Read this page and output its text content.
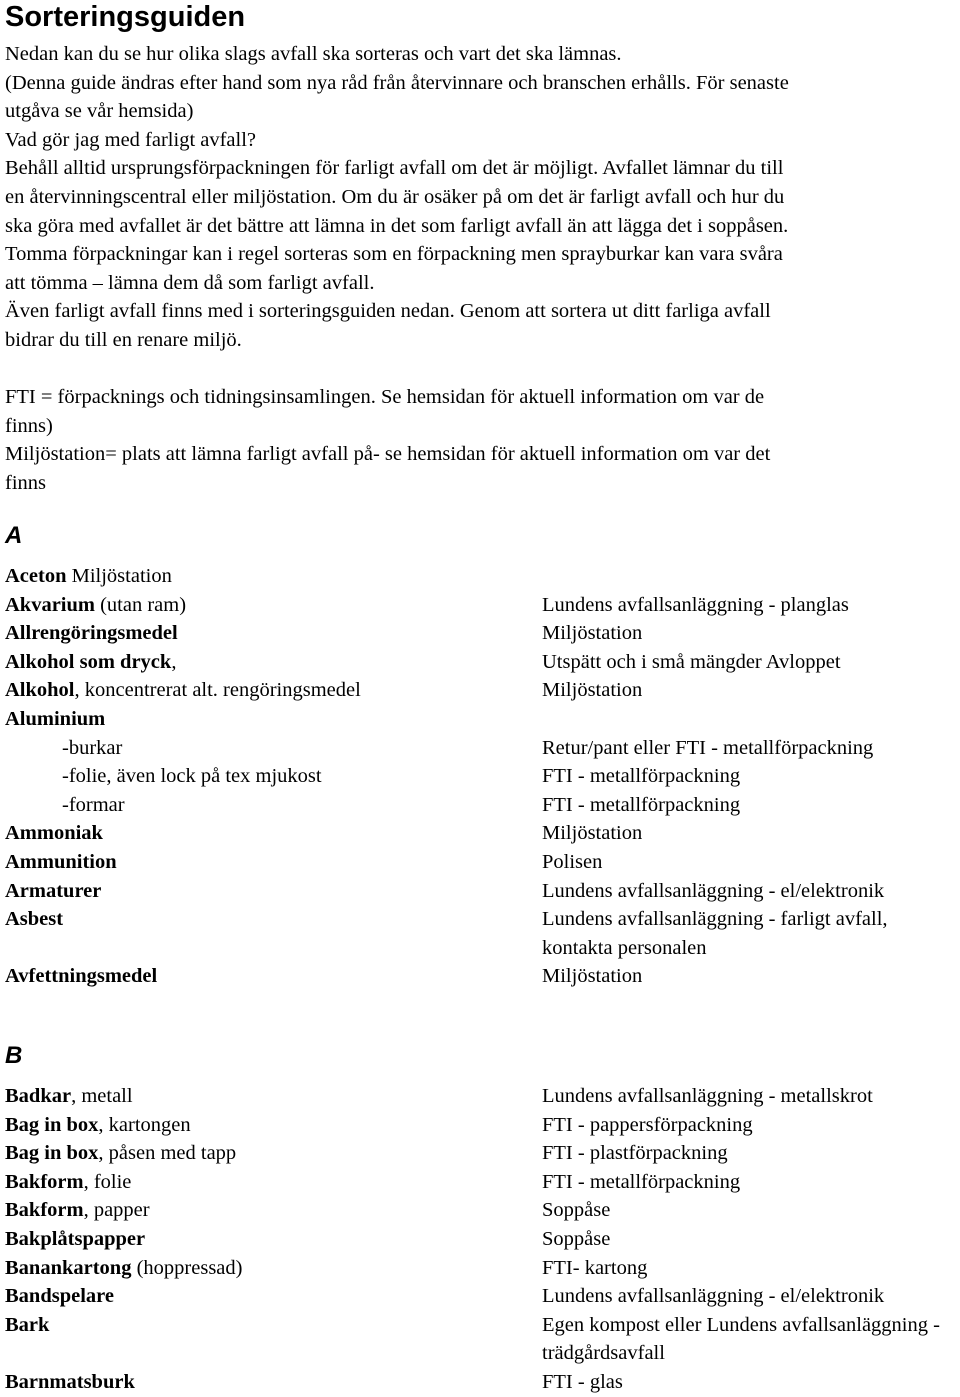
Sorteringsguiden
Nedan kan du se hur olika slags avfall ska sorteras och vart det ska lämnas.
(Denna guide ändras efter hand som nya råd från återvinnare och branschen erhålls. För senaste
utgåva se vår hemsida)
Vad gör jag med farligt avfall?
Behåll alltid ursprungsförpackningen för farligt avfall om det är möjligt. Avfallet lämnar du till
en återvinningscentral eller miljöstation. Om du är osäker på om det är farligt avfall och hur du
ska göra med avfallet är det bättre att lämna in det som farligt avfall än att lägga det i soppåsen.
Tomma förpackningar kan i regel sorteras som en förpackning men sprayburkar kan vara svåra
att tömma – lämna dem då som farligt avfall.
Även farligt avfall finns med i sorteringsguiden nedan. Genom att sortera ut ditt farliga avfall
bidrar du till en renare miljö.
FTI = förpacknings och tidningsinsamlingen. Se hemsidan för aktuell information om var de
finns)
Miljöstation= plats att lämna farligt avfall på- se hemsidan för aktuell information om var det
finns
A
Aceton Miljöstation
Akvarium (utan ram)	Lundens avfallsanläggning - planglas
Allrengöringsmedel	Miljöstation
Alkohol som dryck,	Utspätt och i små mängder Avloppet
Alkohol, koncentrerat alt. rengöringsmedel	Miljöstation
Aluminium
-burkar	Retur/pant eller FTI - metallförpackning
-folie, även lock på tex mjukost	FTI - metallförpackning
-formar	FTI - metallförpackning
Ammoniak	Miljöstation
Ammunition	Polisen
Armaturer	Lundens avfallsanläggning - el/elektronik
Asbest	Lundens avfallsanläggning - farligt avfall, kontakta personalen
Avfettningsmedel	Miljöstation
B
Badkar, metall	Lundens avfallsanläggning - metallskrot
Bag in box, kartongen	FTI - pappersförpackning
Bag in box, påsen med tapp	FTI - plastförpackning
Bakform, folie	FTI - metallförpackning
Bakform, papper	Soppåse
Bakplåtspapper	Soppåse
Banankartong (hoppressad)	FTI- kartong
Bandspelare	Lundens avfallsanläggning - el/elektronik
Bark	Egen kompost eller Lundens avfallsanläggning -trädgårdsavfall
Barnmatsburk	FTI - glas
